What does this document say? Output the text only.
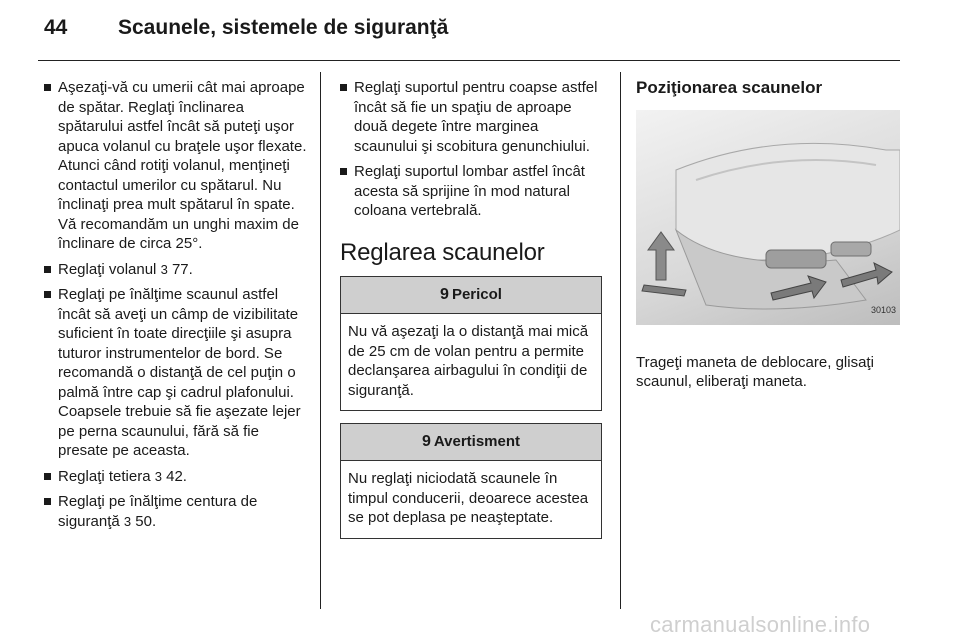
44 Scaunele, sistemele de siguranţă
Aşezaţi-vă cu umerii cât mai aproape de spătar. Reglaţi înclinarea spătarului astfel încât să puteţi uşor apuca volanul cu braţele uşor flexate. Atunci când rotiţi volanul, menţineţi contactul umerilor cu spătarul. Nu înclinaţi prea mult spătarul în spate. Vă recomandăm un unghi maxim de înclinare de circa 25°.
Reglaţi volanul 3 77.
Reglaţi pe înălţime scaunul astfel încât să aveţi un câmp de vizibilitate suficient în toate direcţiile şi asupra tuturor instrumentelor de bord. Se recomandă o distanţă de cel puţin o palmă între cap şi cadrul plafonului. Coapsele trebuie să fie aşezate lejer pe perna scaunului, fără să fie presate pe aceasta.
Reglaţi tetiera 3 42.
Reglaţi pe înălţime centura de siguranţă 3 50.
Reglaţi suportul pentru coapse astfel încât să fie un spaţiu de aproape două degete între marginea scaunului şi scobitura genunchiului.
Reglaţi suportul lombar astfel încât acesta să sprijine în mod natural coloana vertebrală.
Reglarea scaunelor
9 Pericol
Nu vă aşezaţi la o distanţă mai mică de 25 cm de volan pentru a permite declanşarea airbagului în condiţii de siguranţă.
9 Avertisment
Nu reglaţi niciodată scaunele în timpul conducerii, deoarece acestea se pot deplasa pe neaşteptate.
Poziţionarea scaunelor
30103
Trageţi maneta de deblocare, glisaţi scaunul, eliberaţi maneta.
carmanualsonline.info
